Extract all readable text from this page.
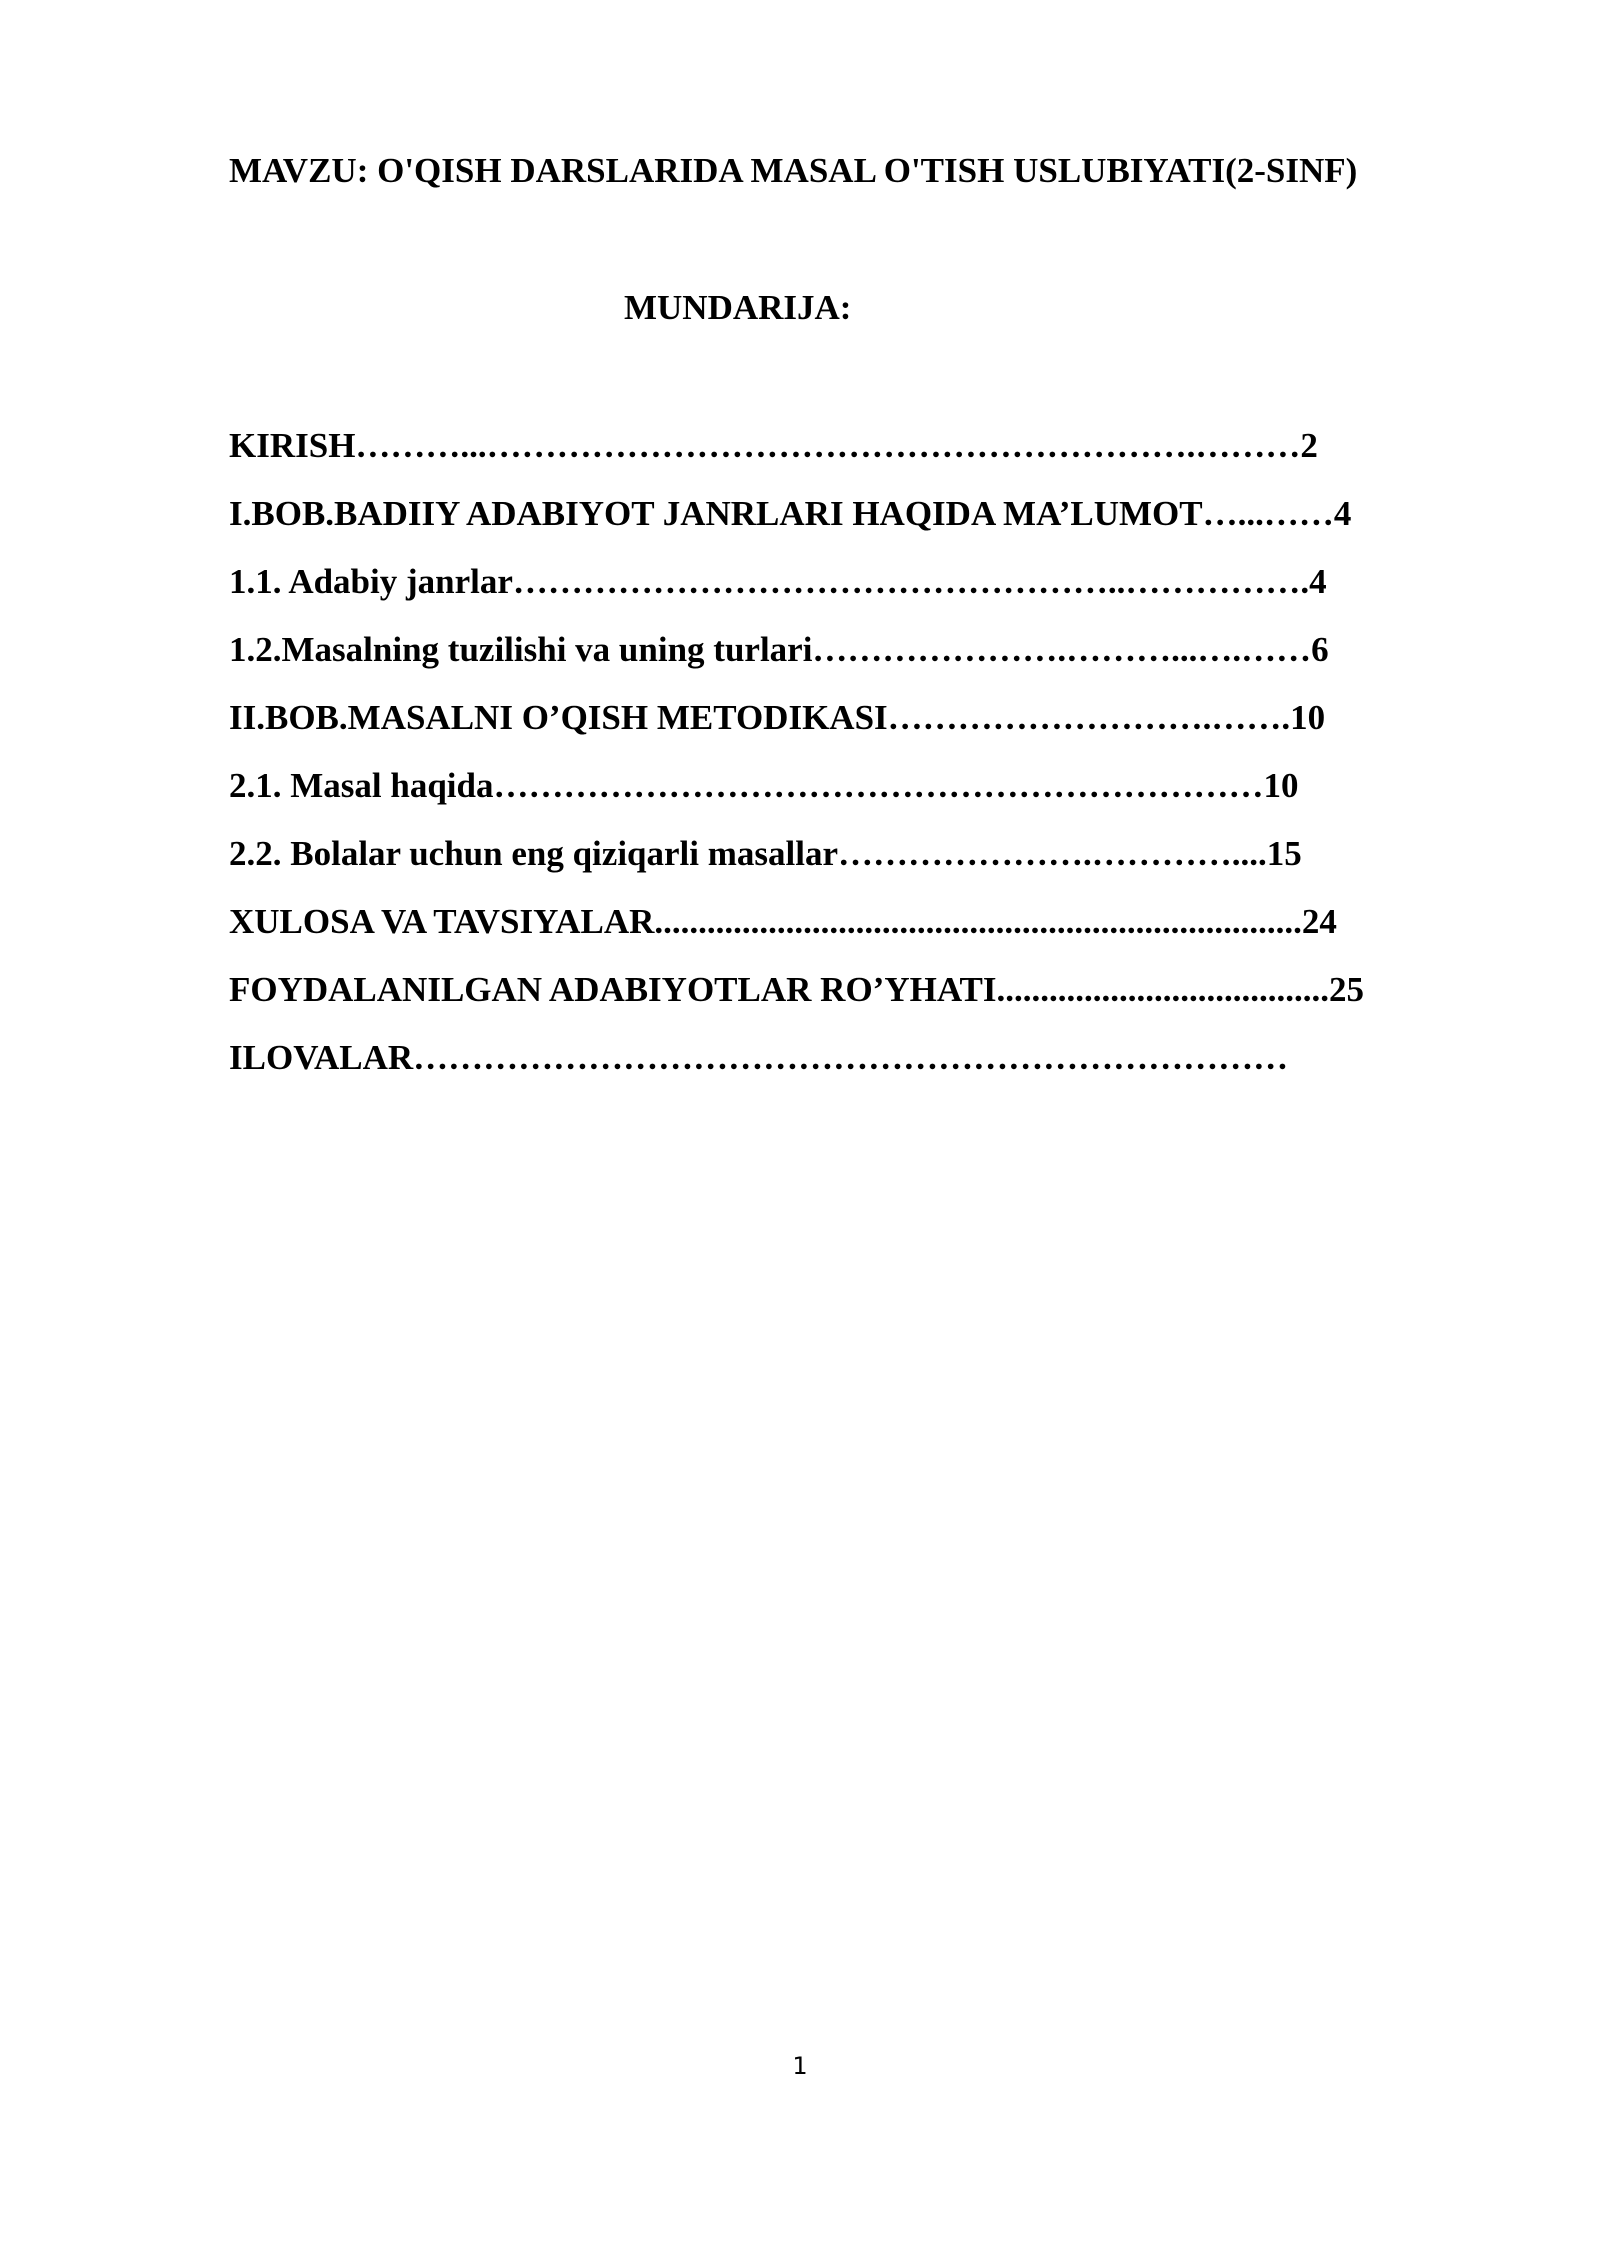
MAVZU: O'QISH DARSLARIDA MASAL O'TISH USLUBIYATI(2-SINF)
MUNDARIJA:
KIRISH………...…………………………………………………….………2
I.BOB.BADIIY ADABIYOT JANRLARI HAQIDA MA’LUMOT…...……4
1.1. Adabiy janrlar……………………………………………..…………….4
1.2.Masalning tuzilishi va uning turlari………………….………...….……6
II.BOB.MASALNI O’QISH METODIKASI……………………….…….10
2.1. Masal haqida…………………………………………………………10
2.2. Bolalar uchun eng qiziqarli masallar………………….…………....15
XULOSA VA TAVSIYALAR..........................................................................24
FOYDALANILGAN ADABIYOTLAR RO’YHATI......................................25
ILOVALAR…………………………………………………………………

1
